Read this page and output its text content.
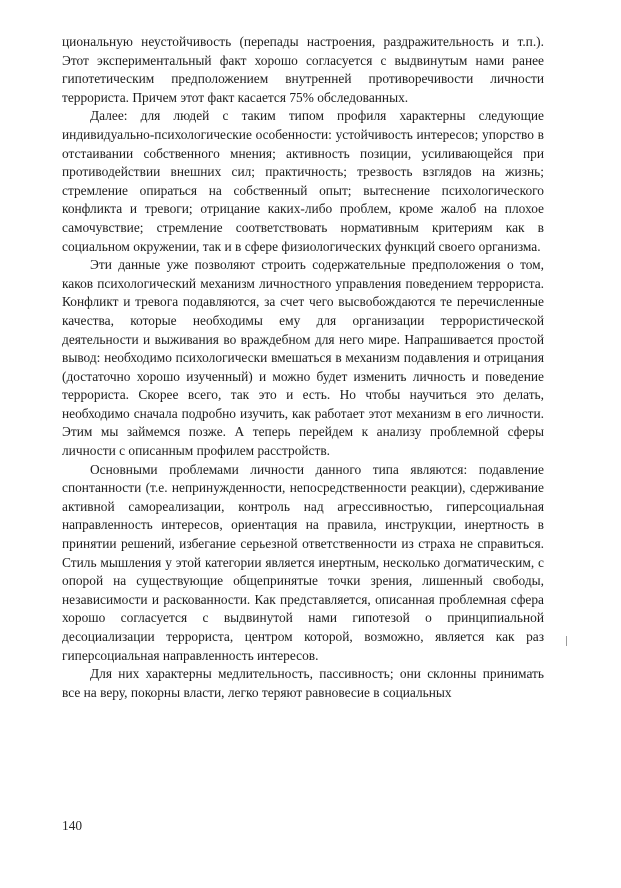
циональную неустойчивость (перепады настроения, раздражительность и т.п.). Этот экспериментальный факт хорошо согласуется с выдвинутым нами ранее гипотетическим предположением внутренней противоречивости личности террориста. Причем этот факт касается 75% обследованных.

Далее: для людей с таким типом профиля характерны следующие индивидуально-психологические особенности: устойчивость интересов; упорство в отстаивании собственного мнения; активность позиции, усиливающейся при противодействии внешних сил; практичность; трезвость взглядов на жизнь; стремление опираться на собственный опыт; вытеснение психологического конфликта и тревоги; отрицание каких-либо проблем, кроме жалоб на плохое самочувствие; стремление соответствовать нормативным критериям как в социальном окружении, так и в сфере физиологических функций своего организма.

Эти данные уже позволяют строить содержательные предположения о том, каков психологический механизм личностного управления поведением террориста. Конфликт и тревога подавляются, за счет чего высвобождаются те перечисленные качества, которые необходимы ему для организации террористической деятельности и выживания во враждебном для него мире. Напрашивается простой вывод: необходимо психологически вмешаться в механизм подавления и отрицания (достаточно хорошо изученный) и можно будет изменить личность и поведение террориста. Скорее всего, так это и есть. Но чтобы научиться это делать, необходимо сначала подробно изучить, как работает этот механизм в его личности. Этим мы займемся позже. А теперь перейдем к анализу проблемной сферы личности с описанным профилем расстройств.

Основными проблемами личности данного типа являются: подавление спонтанности (т.е. непринужденности, непосредственности реакции), сдерживание активной самореализации, контроль над агрессивностью, гиперсоциальная направленность интересов, ориентация на правила, инструкции, инертность в принятии решений, избегание серьезной ответственности из страха не справиться. Стиль мышления у этой категории является инертным, несколько догматическим, с опорой на существующие общепринятые точки зрения, лишенный свободы, независимости и раскованности. Как представляется, описанная проблемная сфера хорошо согласуется с выдвинутой нами гипотезой о принципиальной десоциализации террориста, центром которой, возможно, является как раз гиперсоциальная направленность интересов.

Для них характерны медлительность, пассивность; они склонны принимать все на веру, покорны власти, легко теряют равновесие в социальных

140
